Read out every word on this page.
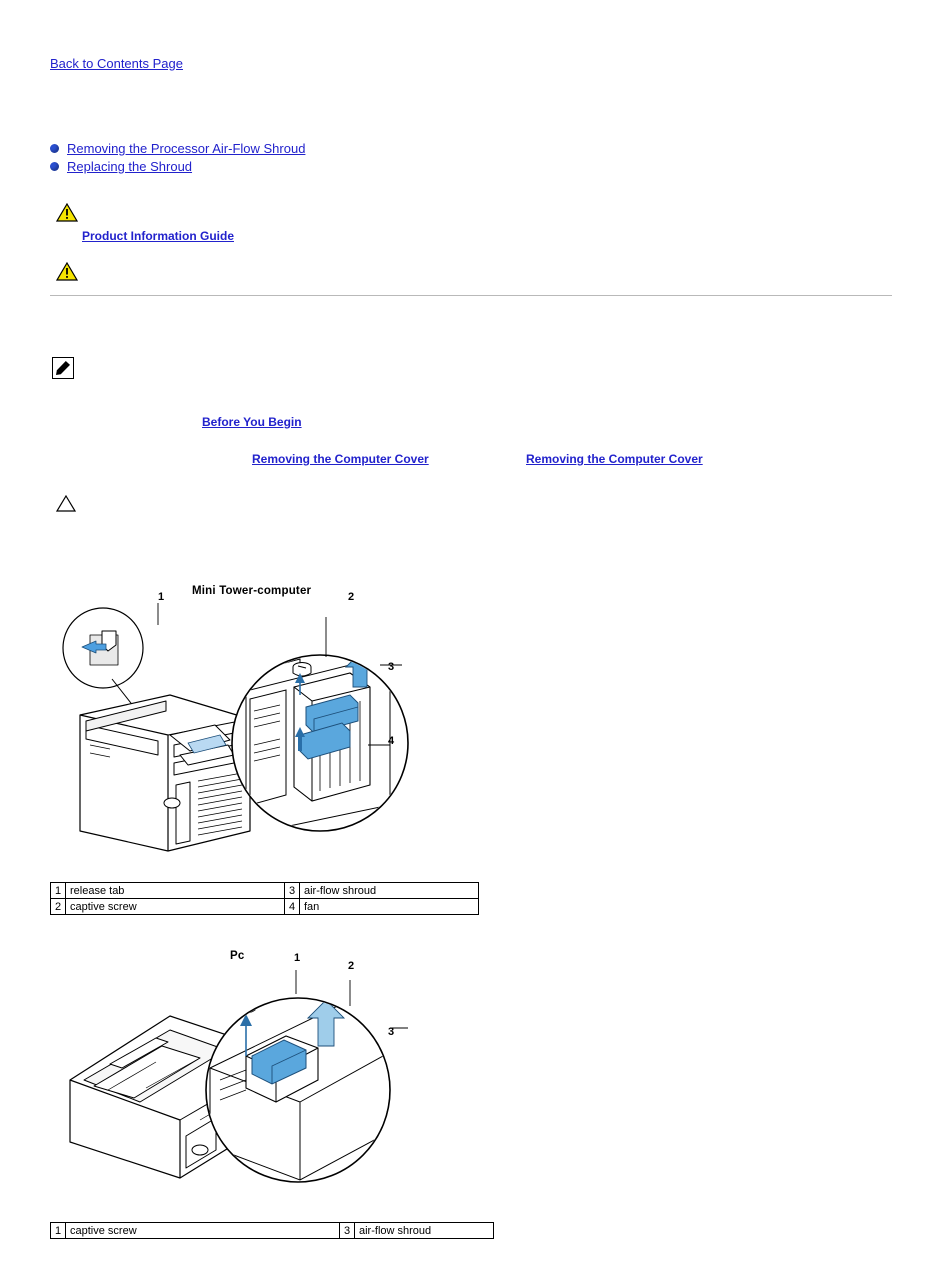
Back to Contents Page
Removing the Processor Air-Flow Shroud
Replacing the Shroud
Product Information Guide
Before You Begin
Removing the Computer Cover	Removing the Computer Cover
Mini Tower-computer
1	2
3
4
1	release tab	3	air-flow shroud
2	captive screw	4	fan
Pc	1
2
3
1	captive screw	3	air-flow shroud
